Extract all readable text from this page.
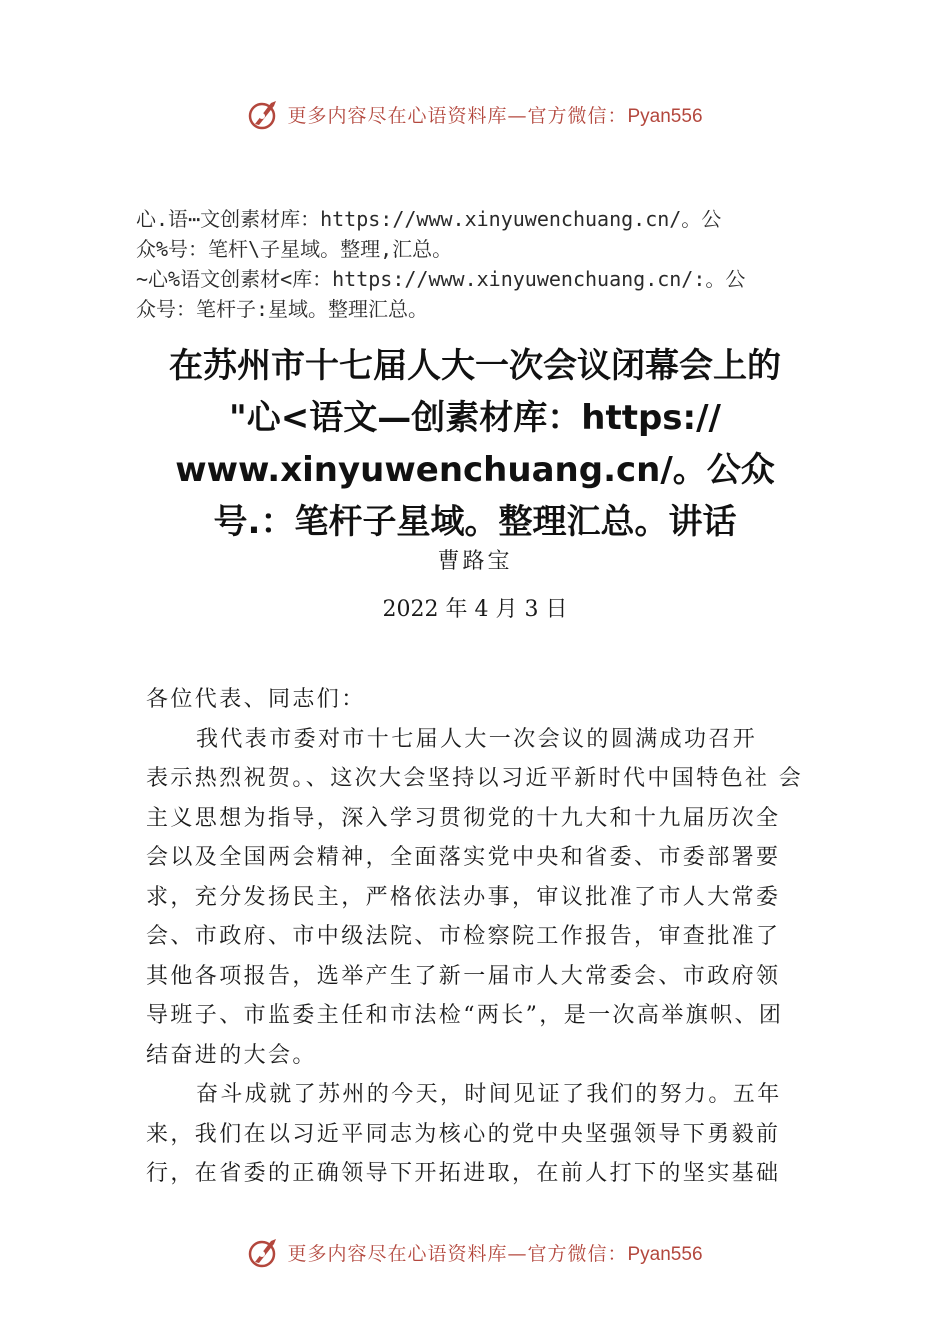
更多内容尽在心语资料库—官方微信：Pyan556
心.语⋯文创素材库：https://www.xinyuwenchuang.cn/。公
众%号：笔杆\子星域。整理,汇总。
~心%语文创素材<库：https://www.xinyuwenchuang.cn/:。公
众号：笔杆子:星域。整理汇总。
在苏州市十七届人大一次会议闭幕会上的
"心<语文—创素材库：https://
www.xinyuwenchuang.cn/。公众
号.：笔杆子星域。整理汇总。讲话
曹路宝
2022 年 4 月 3 日
各位代表、同志们：
我代表市委对市十七届人大一次会议的圆满成功召开
表示热烈祝贺。、这次大会坚持以习近平新时代中国特色社 会
主义思想为指导，深入学习贯彻党的十九大和十九届历次全
会以及全国两会精神，全面落实党中央和省委、市委部署要
求，充分发扬民主，严格依法办事，审议批准了市人大常委
会、市政府、市中级法院、市检察院工作报告，审查批准了
其他各项报告，选举产生了新一届市人大常委会、市政府领
导班子、市监委主任和市法检“两长”，是一次高举旗帜、团
结奋进的大会。
奋斗成就了苏州的今天，时间见证了我们的努力。五年
来，我们在以习近平同志为核心的党中央坚强领导下勇毅前
行，在省委的正确领导下开拓进取，在前人打下的坚实基础
更多内容尽在心语资料库—官方微信：Pyan556
